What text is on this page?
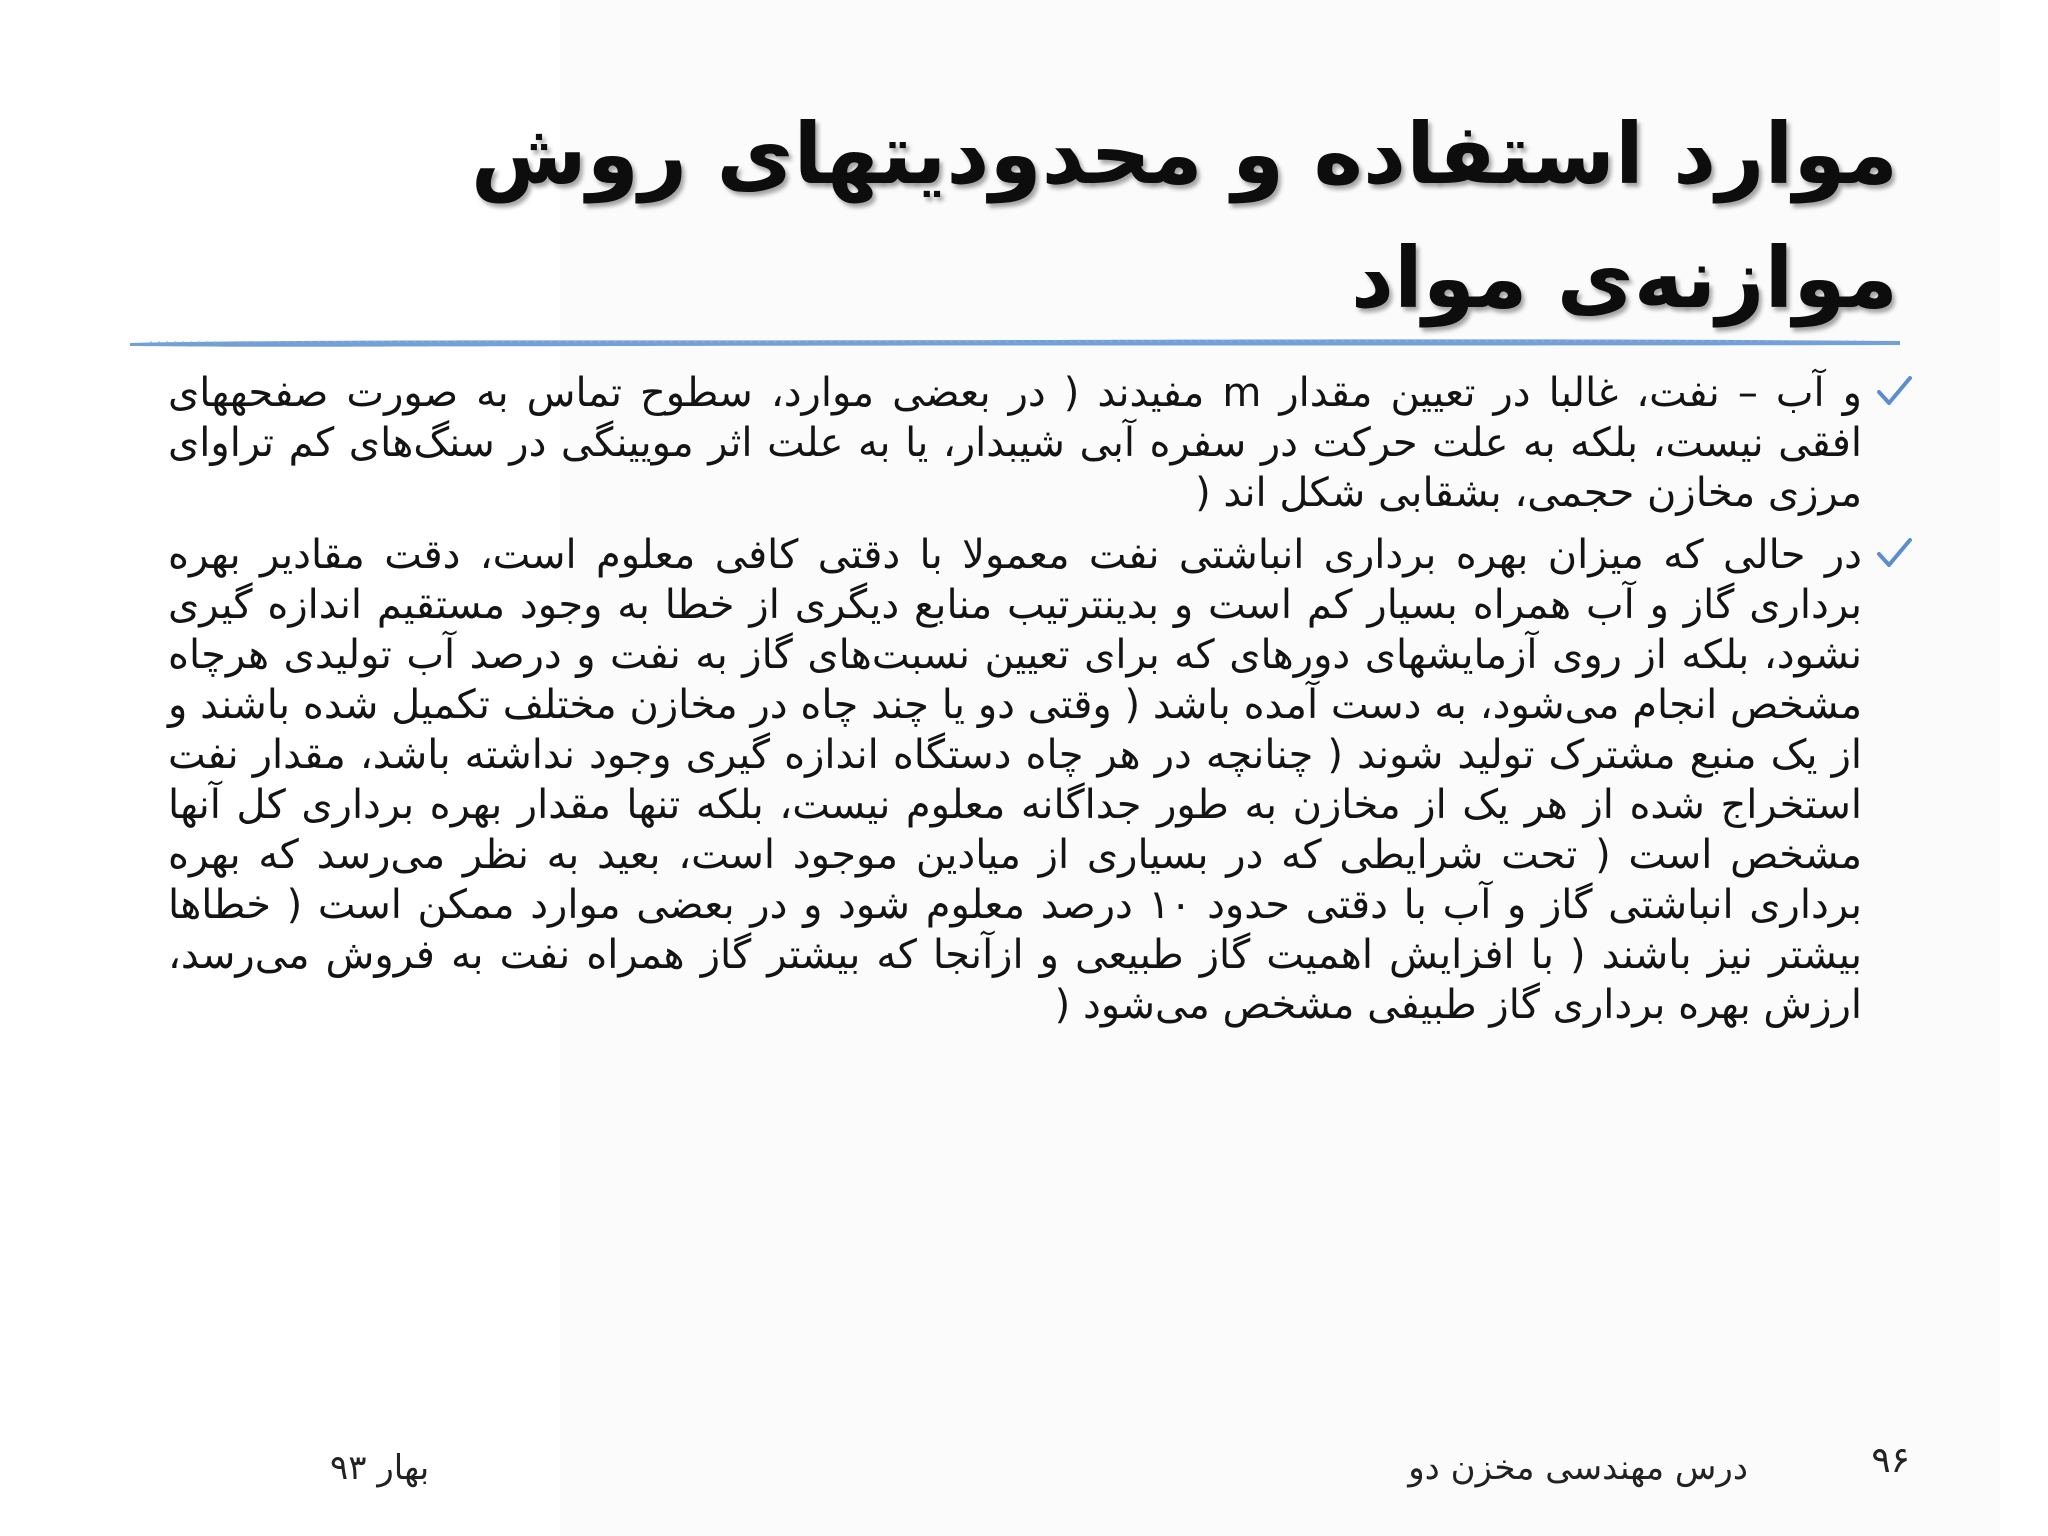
موارد استفاده و محدوديتهای روش
موازنه‌ی مواد
و آب – نفت، غالبا در تعيين مقدار m مفيدند ( در بعضی موارد، سطوح تماس به صورت صفحههای افقی نيست، بلکه به علت حرکت در سفره آبی شيبدار، يا به علت اثر مويينگی در سنگ‌های کم تراوای مرزی مخازن حجمی، بشقابی شکل اند (
در حالی که ميزان بهره برداری انباشتی نفت معمولا با دقتی کافی معلوم است، دقت مقادير بهره برداری گاز و آب همراه بسيار کم است و بدينترتيب منابع ديگری از خطا به وجود مستقيم اندازه گيری نشود، بلکه از روی آزمايشهای دورهای که برای تعيين نسبت‌های گاز به نفت و درصد آب توليدی هرچاه مشخص انجام می‌شود، به دست آمده باشد ( وقتی دو يا چند چاه در مخازن مختلف تکميل شده باشند و از يک منبع مشترک توليد شوند ( چنانچه در هر چاه دستگاه اندازه گيری وجود نداشته باشد، مقدار نفت استخراج شده از هر يک از مخازن به طور جداگانه معلوم نيست، بلکه تنها مقدار بهره برداری کل آنها مشخص است ( تحت شرايطی که در بسياری از ميادين موجود است، بعيد به نظر می‌رسد که بهره برداری انباشتی گاز و آب با دقتی حدود ۱۰ درصد معلوم شود و در بعضی موارد ممکن است ( خطاها بيشتر نيز باشند ( با افزايش اهميت گاز طبيعی و ازآنجا که بيشتر گاز همراه نفت به فروش می‌رسد، ارزش بهره برداری گاز طبيفی مشخص می‌شود (
۹۶
درس مهندسی مخزن دو
بهار ۹۳
